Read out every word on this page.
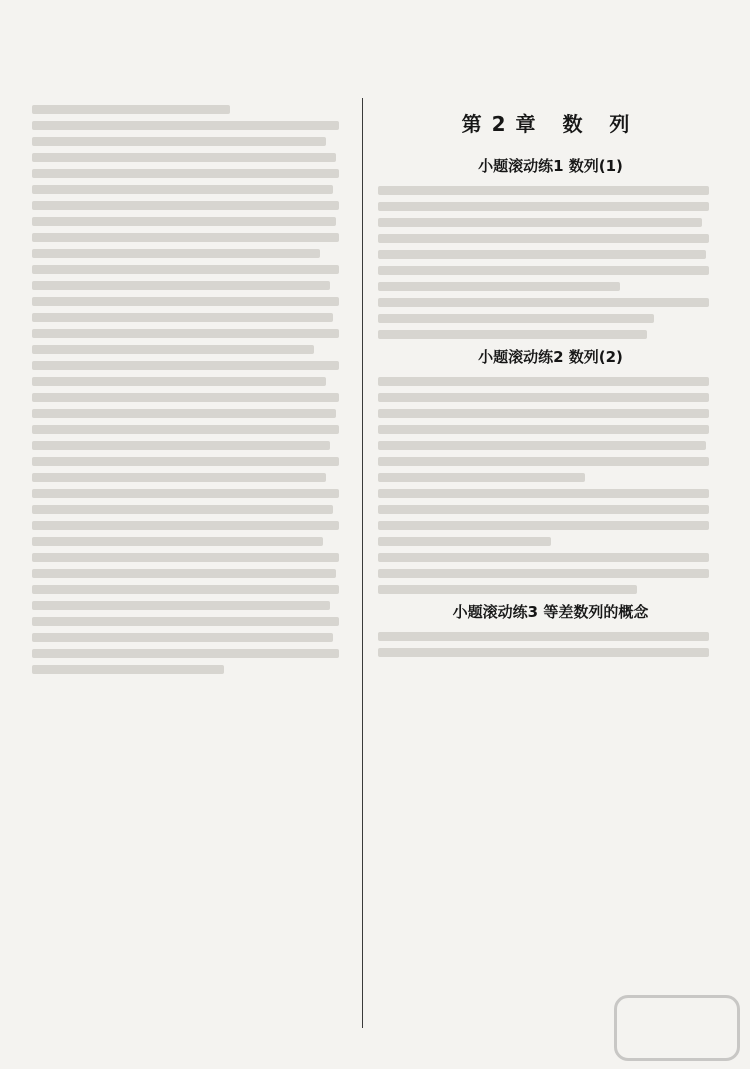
第2章 数 列
小题滚动练1 数列(1)
小题滚动练2 数列(2)
小题滚动练3 等差数列的概念
